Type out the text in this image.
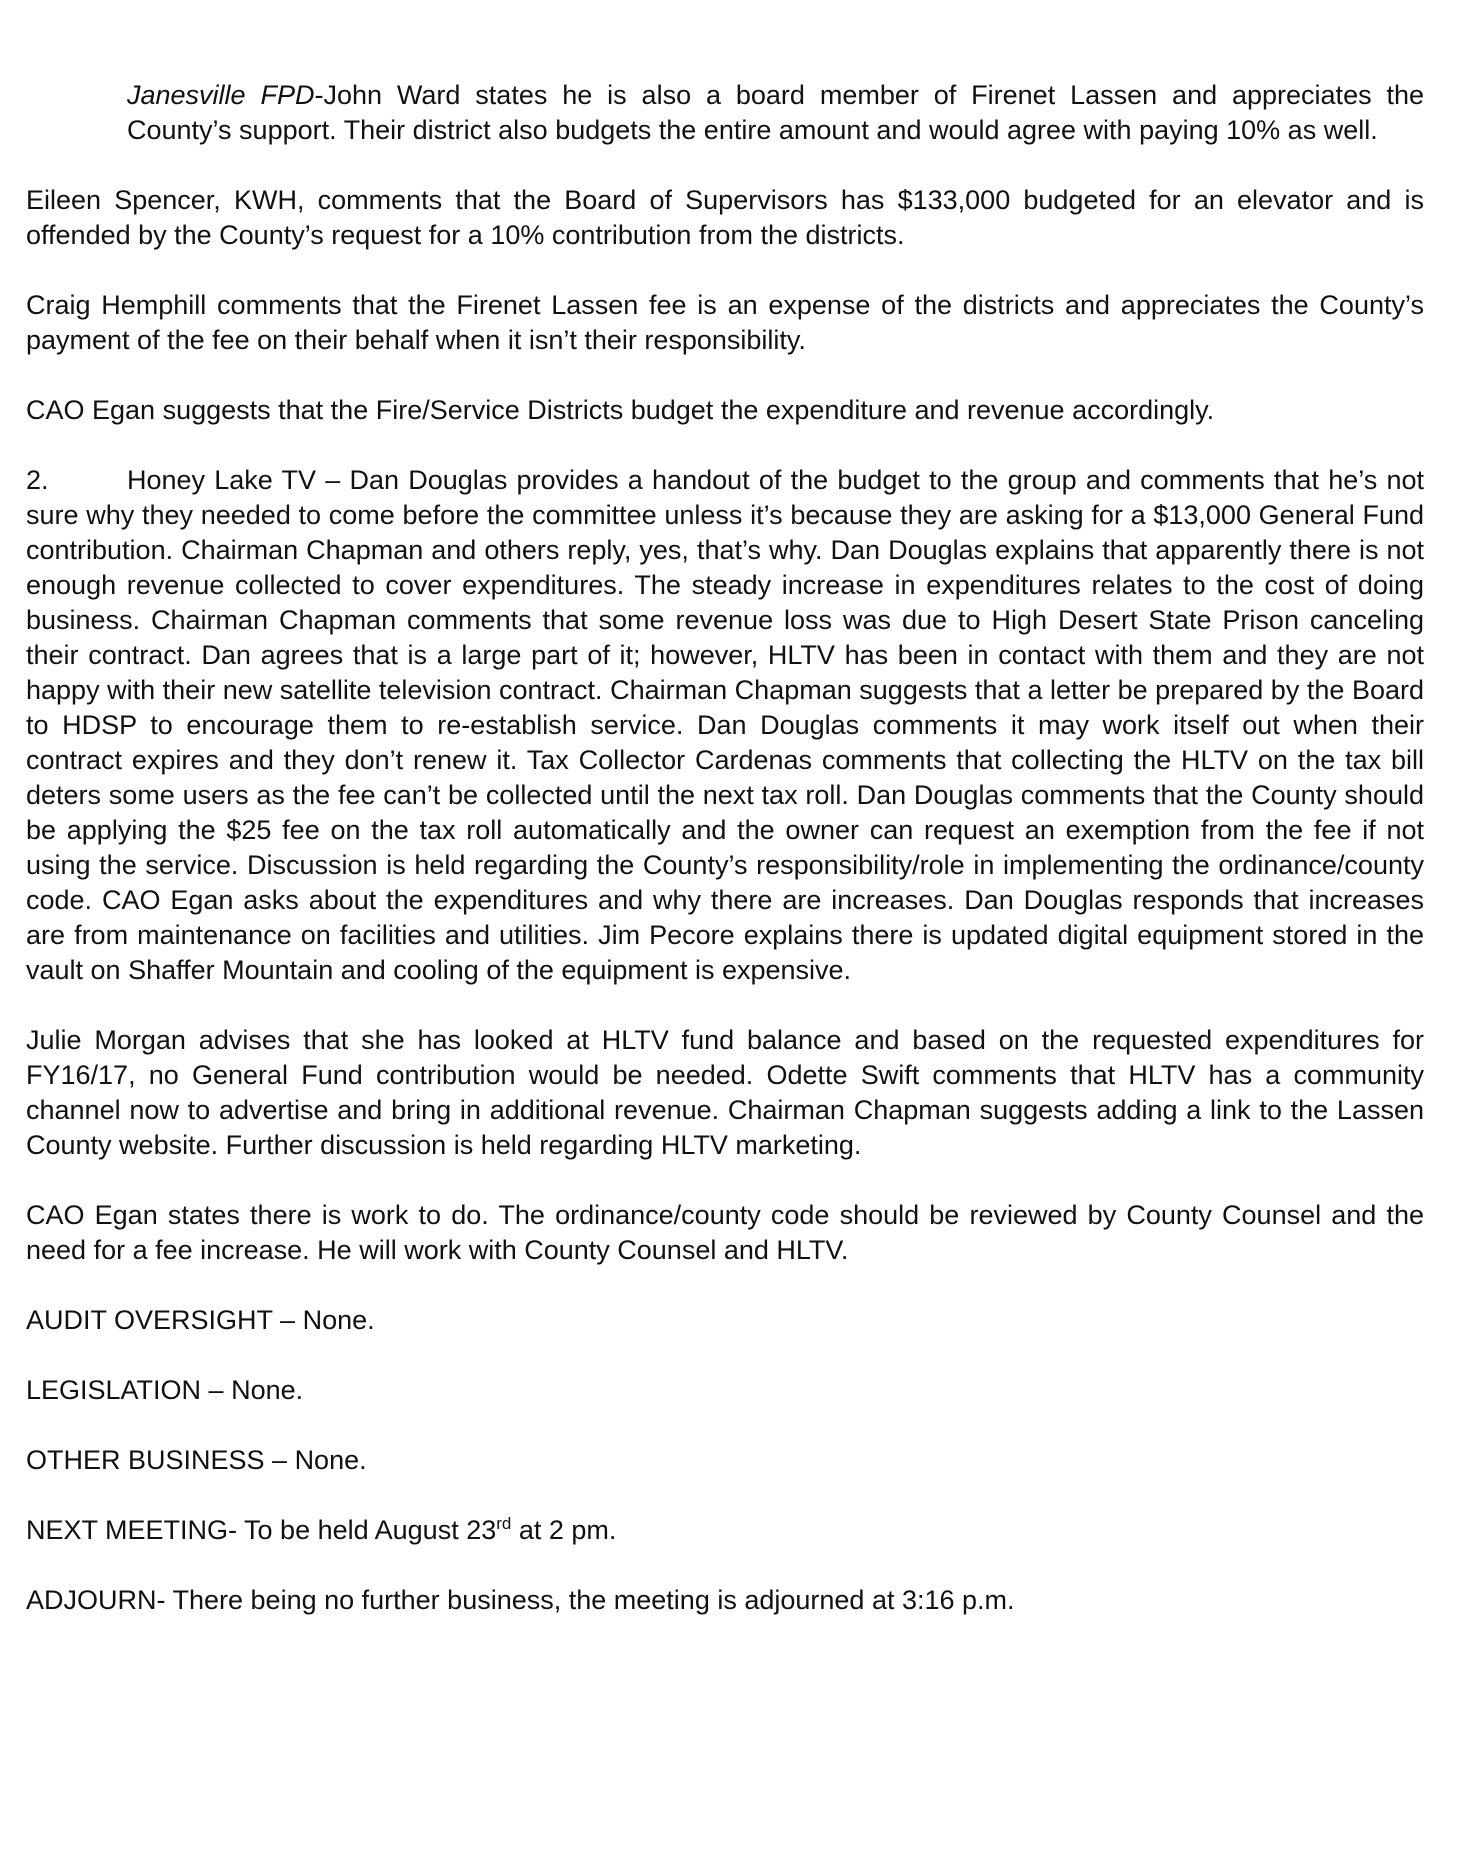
Janesville FPD-John Ward states he is also a board member of Firenet Lassen and appreciates the County’s support. Their district also budgets the entire amount and would agree with paying 10% as well.

Eileen Spencer, KWH, comments that the Board of Supervisors has $133,000 budgeted for an elevator and is offended by the County’s request for a 10% contribution from the districts.

Craig Hemphill comments that the Firenet Lassen fee is an expense of the districts and appreciates the County’s payment of the fee on their behalf when it isn’t their responsibility.

CAO Egan suggests that the Fire/Service Districts budget the expenditure and revenue accordingly.

2.	Honey Lake TV – Dan Douglas provides a handout of the budget to the group and comments that he’s not sure why they needed to come before the committee unless it’s because they are asking for a $13,000 General Fund contribution. Chairman Chapman and others reply, yes, that’s why. Dan Douglas explains that apparently there is not enough revenue collected to cover expenditures. The steady increase in expenditures relates to the cost of doing business. Chairman Chapman comments that some revenue loss was due to High Desert State Prison canceling their contract. Dan agrees that is a large part of it; however, HLTV has been in contact with them and they are not happy with their new satellite television contract. Chairman Chapman suggests that a letter be prepared by the Board to HDSP to encourage them to re-establish service. Dan Douglas comments it may work itself out when their contract expires and they don’t renew it. Tax Collector Cardenas comments that collecting the HLTV on the tax bill deters some users as the fee can’t be collected until the next tax roll. Dan Douglas comments that the County should be applying the $25 fee on the tax roll automatically and the owner can request an exemption from the fee if not using the service. Discussion is held regarding the County’s responsibility/role in implementing the ordinance/county code. CAO Egan asks about the expenditures and why there are increases. Dan Douglas responds that increases are from maintenance on facilities and utilities. Jim Pecore explains there is updated digital equipment stored in the vault on Shaffer Mountain and cooling of the equipment is expensive.

Julie Morgan advises that she has looked at HLTV fund balance and based on the requested expenditures for FY16/17, no General Fund contribution would be needed. Odette Swift comments that HLTV has a community channel now to advertise and bring in additional revenue. Chairman Chapman suggests adding a link to the Lassen County website. Further discussion is held regarding HLTV marketing.

CAO Egan states there is work to do. The ordinance/county code should be reviewed by County Counsel and the need for a fee increase. He will work with County Counsel and HLTV.

AUDIT OVERSIGHT – None.

LEGISLATION – None.

OTHER BUSINESS – None.

NEXT MEETING- To be held August 23rd at 2 pm.

ADJOURN- There being no further business, the meeting is adjourned at 3:16 p.m.
